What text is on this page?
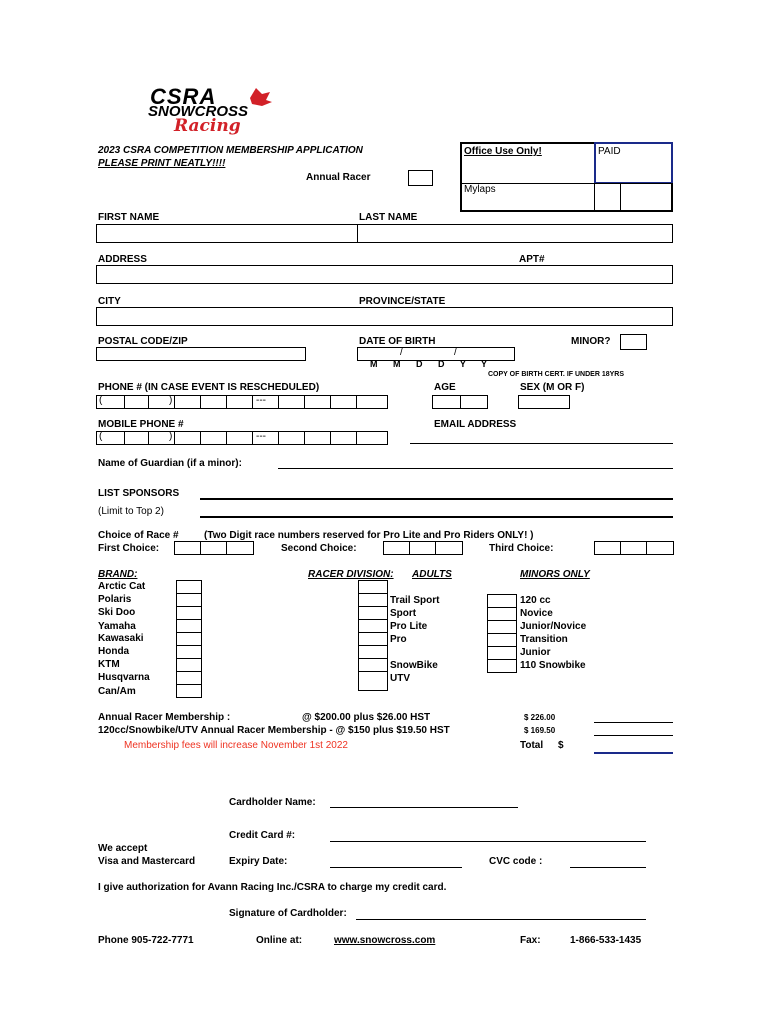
CSRA
SNOWCROSS
Racing
2023 CSRA COMPETITION MEMBERSHIP APPLICATION
PLEASE PRINT NEATLY!!!!
Annual Racer
Office Use Only!	PAID
Mylaps
FIRST NAME	LAST NAME
ADDRESS	APT#
CITY	PROVINCE/STATE
POSTAL CODE/ZIP	DATE OF BIRTH	MINOR?
/	/
M M D D Y Y
COPY OF BIRTH CERT. IF UNDER 18YRS
PHONE # (IN CASE EVENT IS RESCHEDULED)	AGE	SEX (M OR F)
(	)	---
MOBILE PHONE #	EMAIL ADDRESS
(	)	---
Name of Guardian (if a minor):
LIST SPONSORS
(Limit to Top 2)
Choice of Race #	(Two Digit race numbers reserved for Pro Lite and Pro Riders ONLY! )
First Choice:	Second Choice:	Third Choice:
BRAND:
Arctic Cat
Polaris
Ski Doo
Yamaha
Kawasaki
Honda
KTM
Husqvarna
Can/Am
RACER DIVISION: ADULTS
Trail Sport
Sport
Pro Lite
Pro
SnowBike
UTV
MINORS ONLY
120 cc
Novice
Junior/Novice
Transition
Junior
110 Snowbike
Annual Racer Membership :	@ $200.00 plus $26.00 HST	$ 226.00
120cc/Snowbike/UTV Annual Racer Membership - @ $150 plus $19.50 HST	$ 169.50
Membership fees will increase November 1st 2022	Total $
Cardholder Name:
Credit Card #:
We accept
Visa and Mastercard	Expiry Date:	CVC code :
I give authorization for Avann Racing Inc./CSRA to charge my credit card.
Signature of Cardholder:
Phone 905-722-7771	Online at:	www.snowcross.com	Fax:	1-866-533-1435
